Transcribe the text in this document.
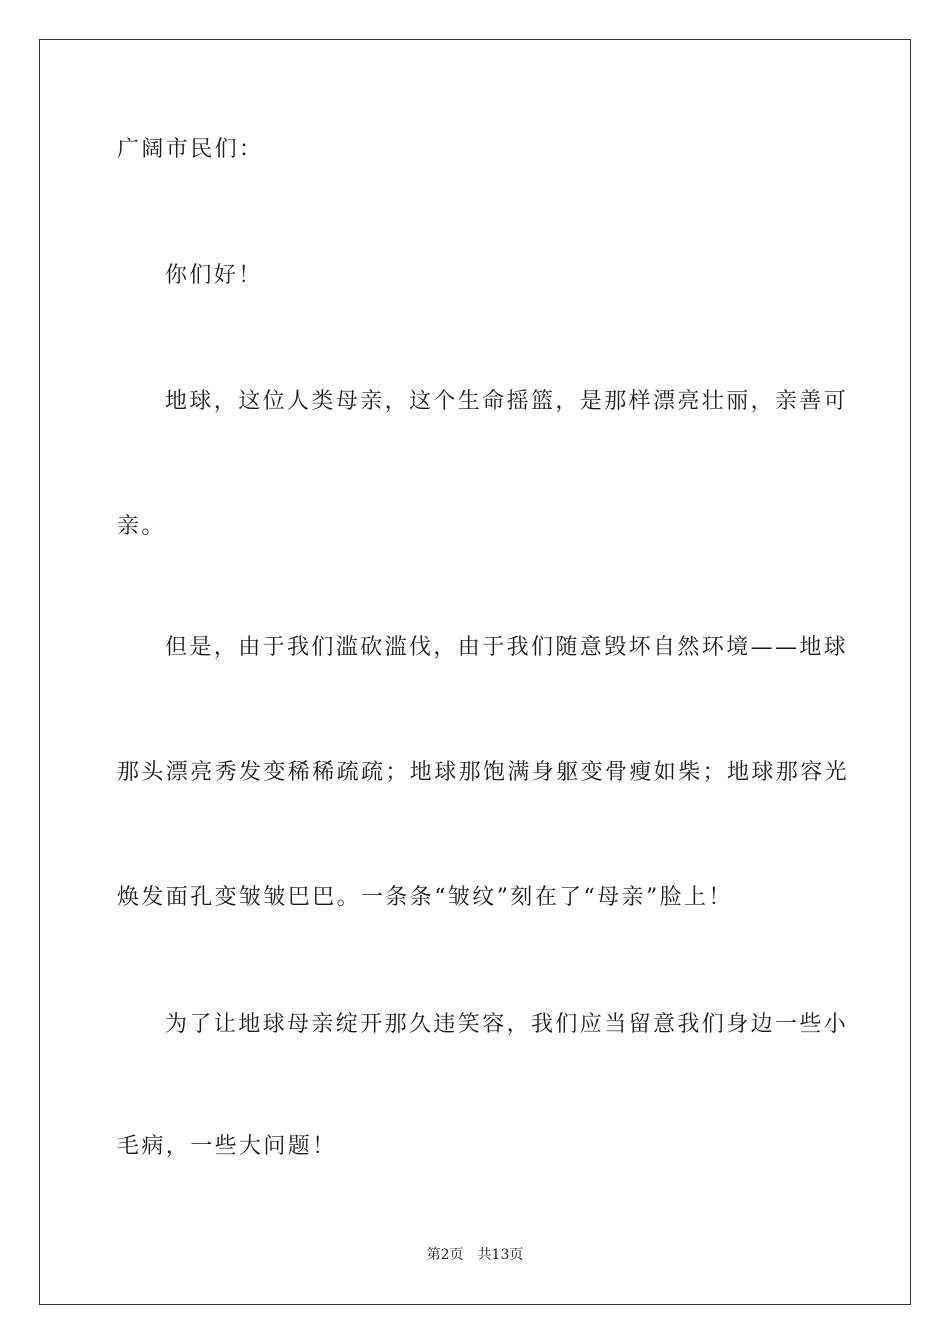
广阔市民们：
你们好！
地球，这位人类母亲，这个生命摇篮，是那样漂亮壮丽，亲善可
亲。
但是，由于我们滥砍滥伐，由于我们随意毁坏自然环境——地球
那头漂亮秀发变稀稀疏疏；地球那饱满身躯变骨瘦如柴；地球那容光
焕发面孔变皱皱巴巴。一条条“皱纹”刻在了“母亲”脸上！
为了让地球母亲绽开那久违笑容，我们应当留意我们身边一些小
毛病，一些大问题！
第2页 共13页
